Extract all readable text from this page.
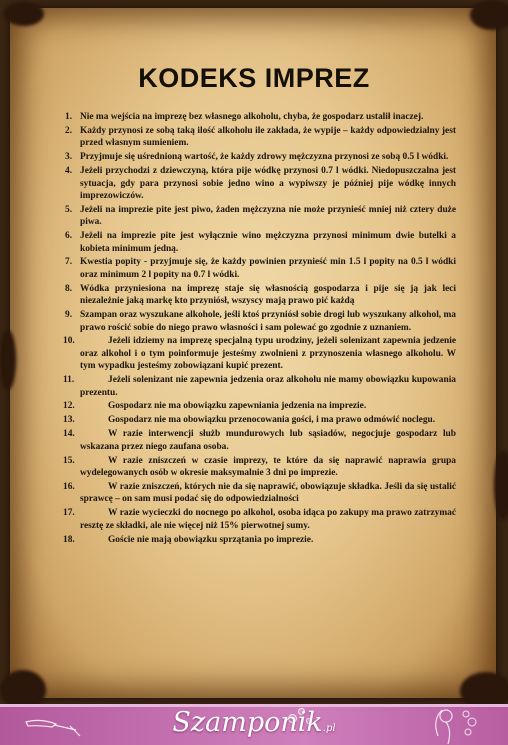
KODEKS IMPREZ
Nie ma wejścia na imprezę bez własnego alkoholu, chyba, że gospodarz ustalił inaczej.
Każdy przynosi ze sobą taką ilość alkoholu ile zakłada, że wypije – każdy odpowiedzialny jest przed własnym sumieniem.
Przyjmuje się uśrednioną wartość, że każdy zdrowy mężczyzna przynosi ze sobą 0.5 l wódki.
Jeżeli przychodzi z dziewczyną, która pije wódkę przynosi 0.7 l wódki. Niedopuszczalna jest sytuacja, gdy para przynosi sobie jedno wino a wypiwszy je później pije wódkę innych imprezowiczów.
Jeżeli na imprezie pite jest piwo, żaden mężczyzna nie może przynieść mniej niż cztery duże piwa.
Jeżeli na imprezie pite jest wyłącznie wino mężczyzna przynosi minimum dwie butelki a kobieta minimum jedną.
Kwestia popity - przyjmuje się, że każdy powinien przynieść min 1.5 l popity na 0.5 l wódki oraz minimum 2 l popity na 0.7 l wódki.
Wódka przyniesiona na imprezę staje się własnością gospodarza i pije się ją jak leci niezależnie jaką markę kto przyniósł, wszyscy mają prawo pić każdą
Szampan oraz wyszukane alkohole, jeśli ktoś przyniósł sobie drogi lub wyszukany alkohol, ma prawo rościć sobie do niego prawo własności i sam polewać go zgodnie z uznaniem.
Jeżeli idziemy na imprezę specjalną typu urodziny, jeżeli solenizant zapewnia jedzenie oraz alkohol i o tym poinformuje jesteśmy zwolnieni z przynoszenia własnego alkoholu. W tym wypadku jesteśmy zobowiązani kupić prezent.
Jeżeli solenizant nie zapewnia jedzenia oraz alkoholu nie mamy obowiązku kupowania prezentu.
Gospodarz nie ma obowiązku zapewniania jedzenia na imprezie.
Gospodarz nie ma obowiązku przenocowania gości, i ma prawo odmówić noclegu.
W razie interwencji służb mundurowych lub sąsiadów, negocjuje gospodarz lub wskazana przez niego zaufana osoba.
W razie zniszczeń w czasie imprezy, te które da się naprawić naprawia grupa wydelegowanych osób w okresie maksymalnie 3 dni po imprezie.
W razie zniszczeń, których nie da się naprawić, obowiązuje składka. Jeśli da się ustalić sprawcę – on sam musi podać się do odpowiedzialności
W razie wycieczki do nocnego po alkohol, osoba idąca po zakupy ma prawo zatrzymać resztę ze składki, ale nie więcej niż 15% pierwotnej sumy.
Goście nie mają obowiązku sprzątania po imprezie.

Szamponik.pl
